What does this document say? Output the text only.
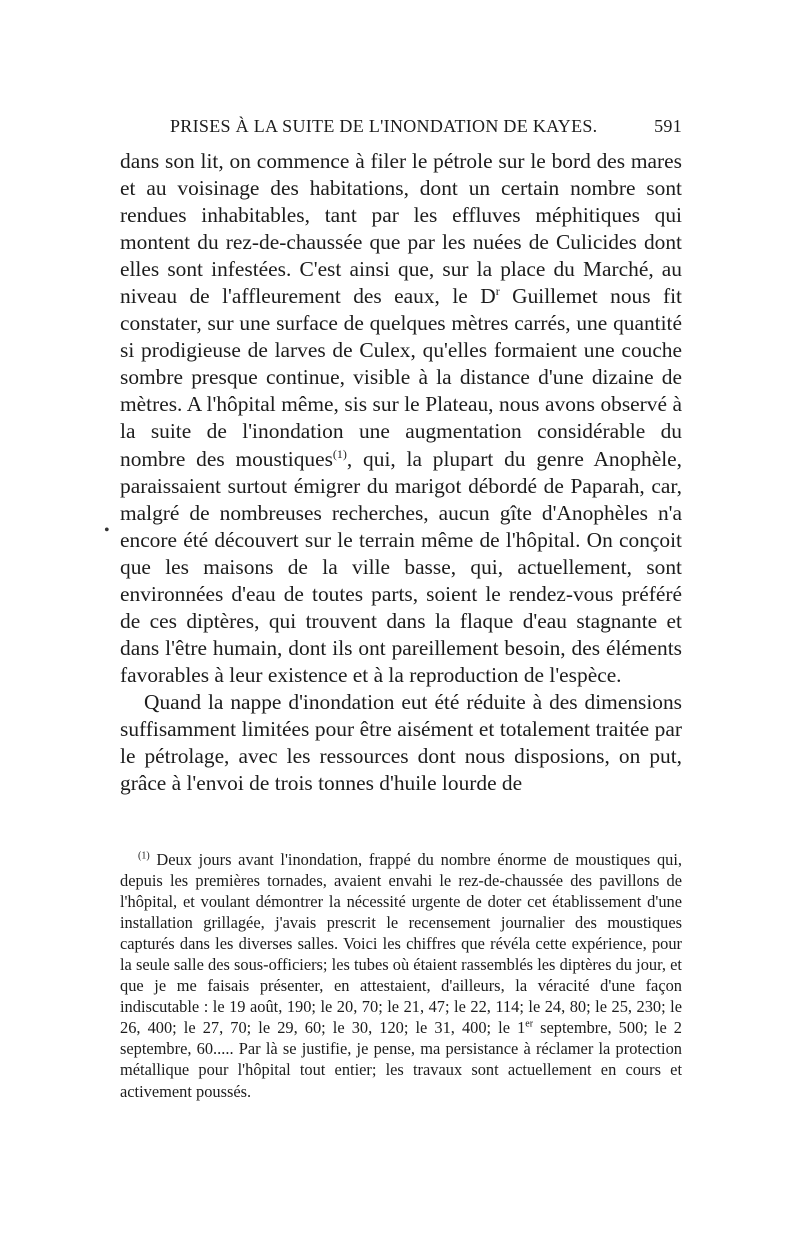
PRISES À LA SUITE DE L'INONDATION DE KAYES.	591
•

dans son lit, on commence à filer le pétrole sur le bord des mares et au voisinage des habitations, dont un certain nombre sont rendues inhabitables, tant par les effluves méphitiques qui montent du rez-de-chaussée que par les nuées de Culicides dont elles sont infestées. C'est ainsi que, sur la place du Marché, au niveau de l'affleurement des eaux, le $D^r$ Guillemet nous fit constater, sur une surface de quelques mètres carrés, une quantité si prodigieuse de larves de Culex, qu'elles formaient une couche sombre presque continue, visible à la distance d'une dizaine de mètres. A l'hôpital même, sis sur le Plateau, nous avons observé à la suite de l'inondation une augmentation considérable du nombre des moustiques$^{(1)}$, qui, la plupart du genre Anophèle, paraissaient surtout émigrer du marigot débordé de Paparah, car, malgré de nombreuses recherches, aucun gîte d'Anophèles n'a encore été découvert sur le terrain même de l'hôpital. On conçoit que les maisons de la ville basse, qui, actuellement, sont environnées d'eau de toutes parts, soient le rendez-vous préféré de ces diptères, qui trouvent dans la flaque d'eau stagnante et dans l'être humain, dont ils ont pareillement besoin, des éléments favorables à leur existence et à la reproduction de l'espèce.

Quand la nappe d'inondation eut été réduite à des dimensions suffisamment limitées pour être aisément et totalement traitée par le pétrolage, avec les ressources dont nous disposions, on put, grâce à l'envoi de trois tonnes d'huile lourde de

$^{(1)}$ Deux jours avant l'inondation, frappé du nombre énorme de moustiques qui, depuis les premières tornades, avaient envahi le rez-de-chaussée des pavillons de l'hôpital, et voulant démontrer la nécessité urgente de doter cet établissement d'une installation grillagée, j'avais prescrit le recensement journalier des moustiques capturés dans les diverses salles. Voici les chiffres que révéla cette expérience, pour la seule salle des sous-officiers; les tubes où étaient rassemblés les diptères du jour, et que je me faisais présenter, en attestaient, d'ailleurs, la véracité d'une façon indiscutable : le 19 août, 190; le 20, 70; le 21, 47; le 22, 114; le 24, 80; le 25, 230; le 26, 400; le 27, 70; le 29, 60; le 30, 120; le 31, 400; le 1er septembre, 500; le 2 septembre, 60..... Par là se justifie, je pense, ma persistance à réclamer la protection métallique pour l'hôpital tout entier; les travaux sont actuellement en cours et activement poussés.
